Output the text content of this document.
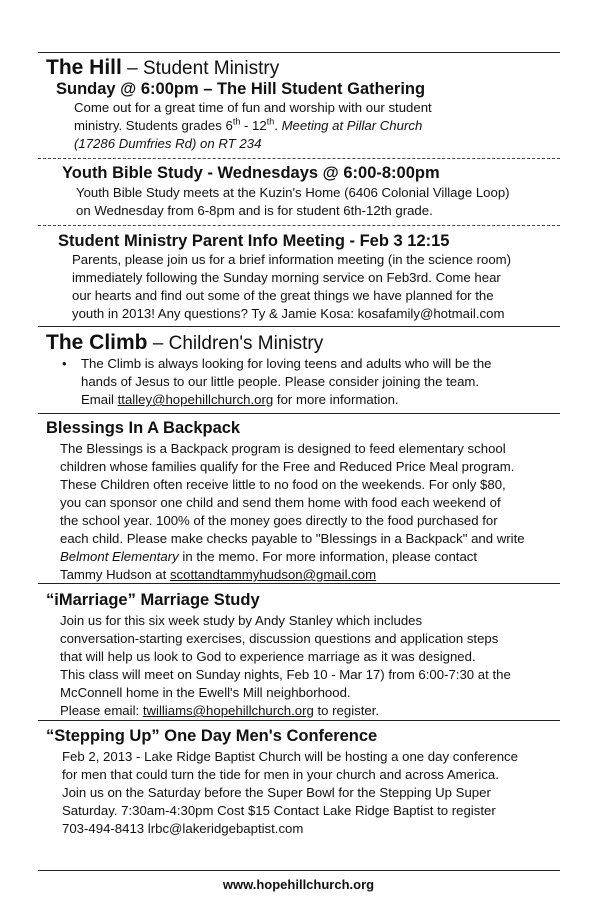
The Hill – Student Ministry
Sunday @ 6:00pm – The Hill Student Gathering
Come out for a great time of fun and worship with our student
ministry. Students grades 6th - 12th. Meeting at Pillar Church
(17286 Dumfries Rd) on RT 234
Youth Bible Study - Wednesdays @ 6:00-8:00pm
Youth Bible Study meets at the Kuzin's Home (6406 Colonial Village Loop)
on Wednesday from 6-8pm and is for student 6th-12th grade.
Student Ministry Parent Info Meeting - Feb 3 12:15
Parents, please join us for a brief information meeting (in the science room)
immediately following the Sunday morning service on Feb3rd. Come hear
our hearts and find out some of the great things we have planned for the
youth in 2013! Any questions? Ty & Jamie Kosa: kosafamily@hotmail.com
The Climb – Children's Ministry
• The Climb is always looking for loving teens and adults who will be the
hands of Jesus to our little people. Please consider joining the team.
Email ttalley@hopehillchurch.org for more information.
Blessings In A Backpack
The Blessings is a Backpack program is designed to feed elementary school
children whose families qualify for the Free and Reduced Price Meal program.
These Children often receive little to no food on the weekends. For only $80,
you can sponsor one child and send them home with food each weekend of
the school year. 100% of the money goes directly to the food purchased for
each child. Please make checks payable to "Blessings in a Backpack" and write
Belmont Elementary in the memo. For more information, please contact
Tammy Hudson at scottandtammyhudson@gmail.com
“iMarriage” Marriage Study
Join us for this six week study by Andy Stanley which includes
conversation-starting exercises, discussion questions and application steps
that will help us look to God to experience marriage as it was designed.
This class will meet on Sunday nights, Feb 10 - Mar 17) from 6:00-7:30 at the
McConnell home in the Ewell's Mill neighborhood.
Please email: twilliams@hopehillchurch.org to register.
“Stepping Up” One Day Men's Conference
Feb 2, 2013 - Lake Ridge Baptist Church will be hosting a one day conference
for men that could turn the tide for men in your church and across America.
Join us on the Saturday before the Super Bowl for the Stepping Up Super
Saturday. 7:30am-4:30pm Cost $15 Contact Lake Ridge Baptist to register
703-494-8413 lrbc@lakeridgebaptist.com
www.hopehillchurch.org
